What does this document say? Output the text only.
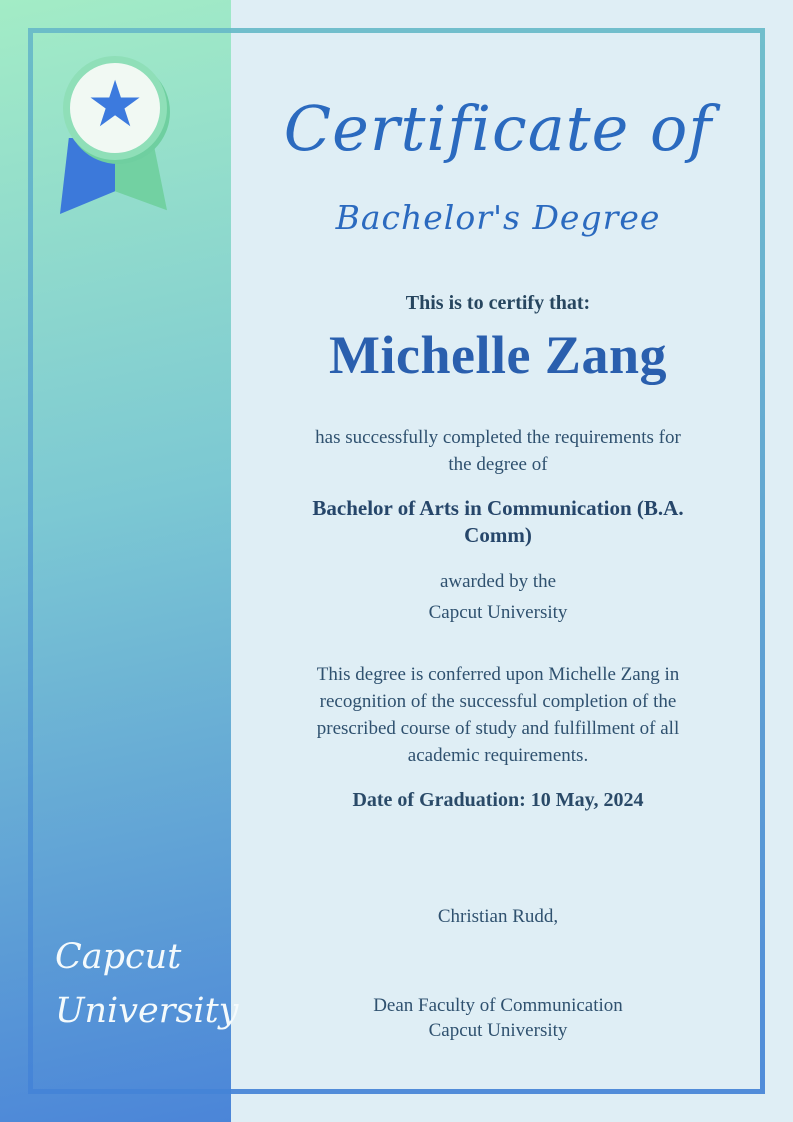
★	Certificate of
Bachelor's Degree
This is to certify that:
Michelle Zang
has successfully completed the requirements for
the degree of
Bachelor of Arts in Communication (B.A.
Comm)
awarded by the
Capcut University
This degree is conferred upon Michelle Zang in
recognition of the successful completion of the
prescribed course of study and fulfillment of all
academic requirements.
Date of Graduation: 10 May, 2024
Christian Rudd,
Dean Faculty of Communication
Capcut University
Capcut
University
